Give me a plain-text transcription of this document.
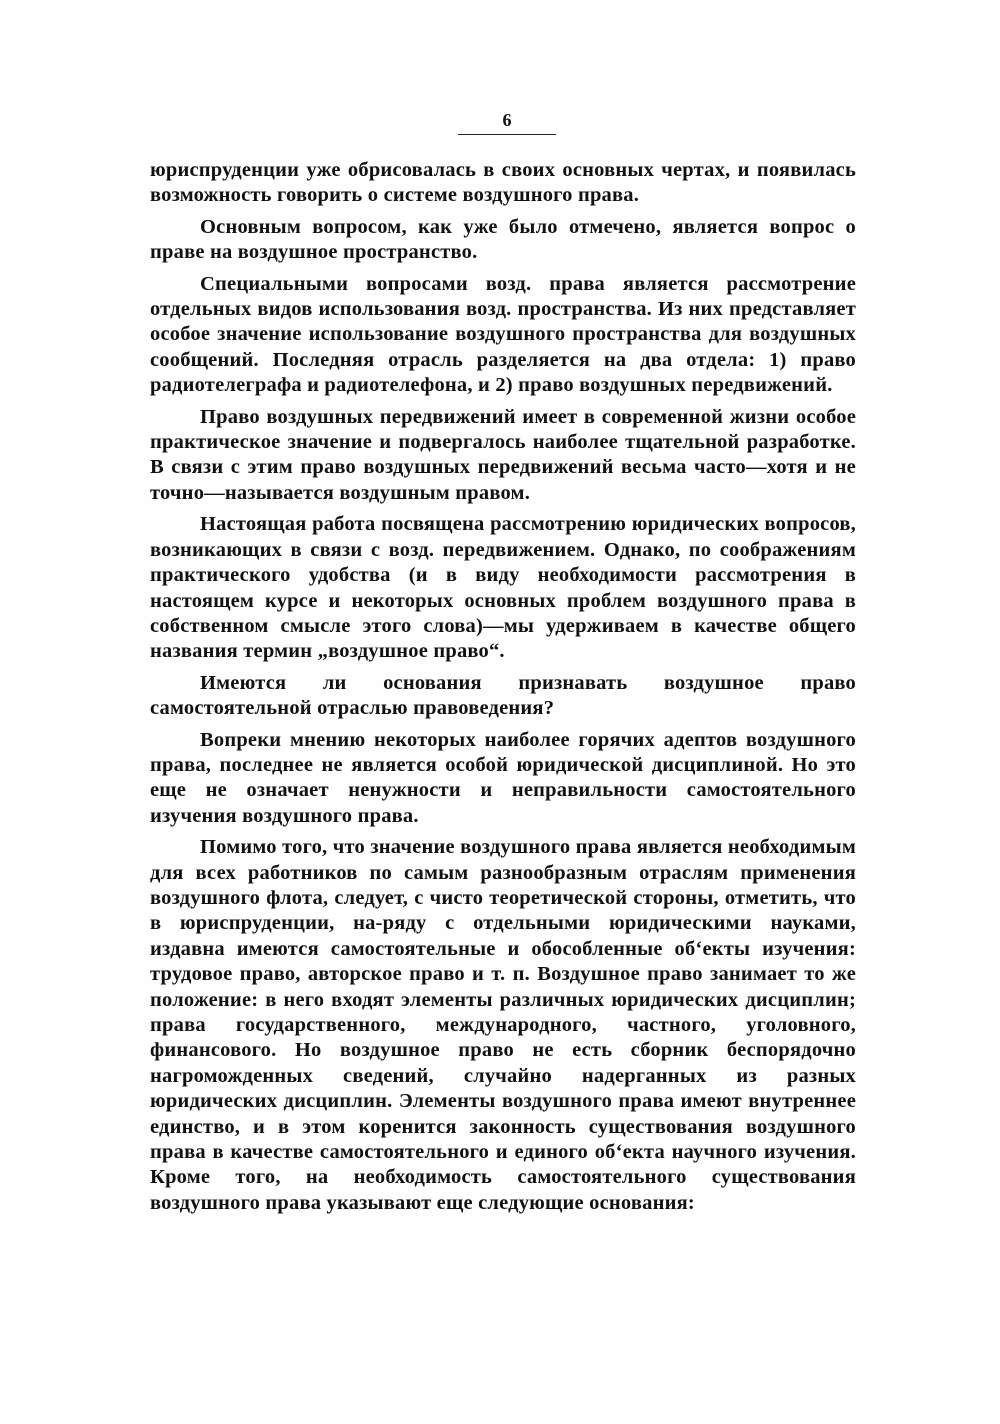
6

юриспруденции уже обрисовалась в своих основных чертах, и появилась возможность говорить о системе воздушного права.

Основным вопросом, как уже было отмечено, является вопрос о праве на воздушное пространство.

Специальными вопросами возд. права является рассмотрение отдельных видов использования возд. пространства. Из них представляет особое значение использование воздушного пространства для воздушных сообщений. Последняя отрасль разделяется на два отдела: 1) право радиотелеграфа и радиотелефона, и 2) право воздушных передвижений.

Право воздушных передвижений имеет в современной жизни особое практическое значение и подвергалось наиболее тщательной разработке. В связи с этим право воздушных передвижений весьма часто—хотя и не точно—называется воздушным правом.

Настоящая работа посвящена рассмотрению юридических вопросов, возникающих в связи с возд. передвижением. Однако, по соображениям практического удобства (и в виду необходимости рассмотрения в настоящем курсе и некоторых основных проблем воздушного права в собственном смысле этого слова)—мы удерживаем в качестве общего названия термин „воздушное право“.

Имеются ли основания признавать воздушное право самостоятельной отраслью правоведения?

Вопреки мнению некоторых наиболее горячих адептов воздушного права, последнее не является особой юридической дисциплиной. Но это еще не означает ненужности и неправильности самостоятельного изучения воздушного права.

Помимо того, что значение воздушного права является необходимым для всех работников по самым разнообразным отраслям применения воздушного флота, следует, с чисто теоретической стороны, отметить, что в юриспруденции, на-ряду с отдельными юридическими науками, издавна имеются самостоятельные и обособленные об‘екты изучения: трудовое право, авторское право и т. п. Воздушное право занимает то же положение: в него входят элементы различных юридических дисциплин; права государственного, международного, частного, уголовного, финансового. Но воздушное право не есть сборник беспорядочно нагроможденных сведений, случайно надерганных из разных юридических дисциплин. Элементы воздушного права имеют внутреннее единство, и в этом коренится законность существования воздушного права в качестве самостоятельного и единого об‘екта научного изучения. Кроме того, на необходимость самостоятельного существования воздушного права указывают еще следующие основания:
